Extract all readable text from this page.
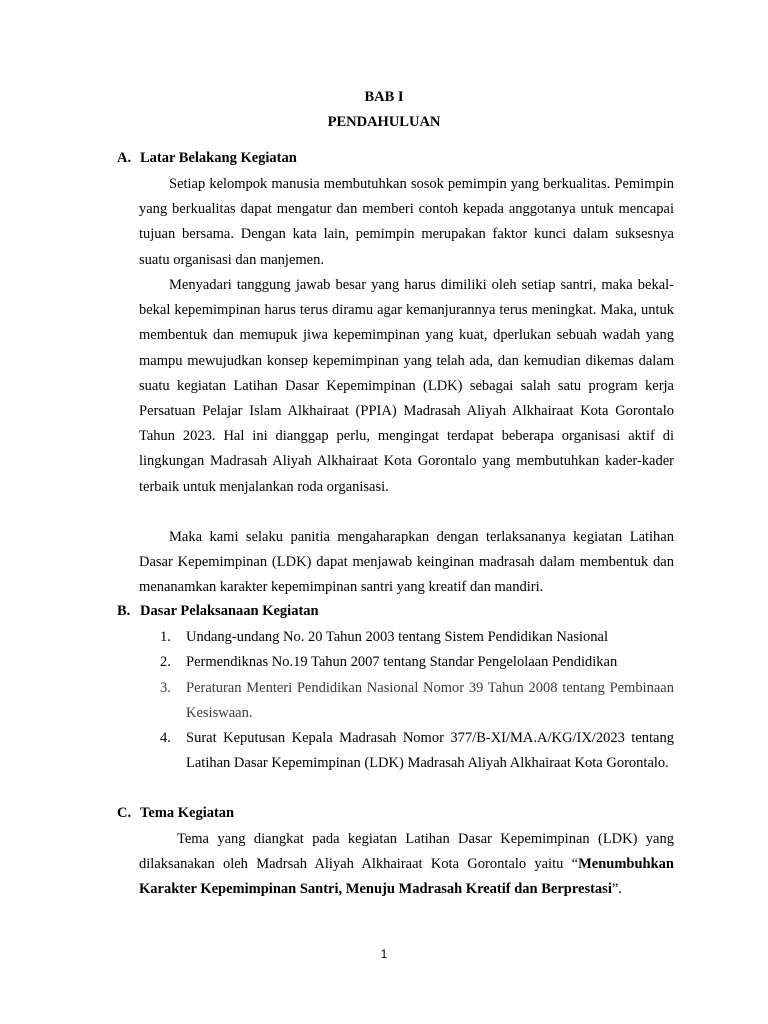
BAB I
PENDAHULUAN
A. Latar Belakang Kegiatan

Setiap kelompok manusia membutuhkan sosok pemimpin yang berkualitas. Pemimpin yang berkualitas dapat mengatur dan memberi contoh kepada anggotanya untuk mencapai tujuan bersama. Dengan kata lain, pemimpin merupakan faktor kunci dalam suksesnya suatu organisasi dan manjemen.

Menyadari tanggung jawab besar yang harus dimiliki oleh setiap santri, maka bekal-bekal kepemimpinan harus terus diramu agar kemanjurannya terus meningkat. Maka, untuk membentuk dan memupuk jiwa kepemimpinan yang kuat, dperlukan sebuah wadah yang mampu mewujudkan konsep kepemimpinan yang telah ada, dan kemudian dikemas dalam suatu kegiatan Latihan Dasar Kepemimpinan (LDK) sebagai salah satu program kerja Persatuan Pelajar Islam Alkhairaat (PPIA) Madrasah Aliyah Alkhairaat Kota Gorontalo Tahun 2023. Hal ini dianggap perlu, mengingat terdapat beberapa organisasi aktif di lingkungan Madrasah Aliyah Alkhairaat Kota Gorontalo yang membutuhkan kader-kader terbaik untuk menjalankan roda organisasi.

Maka kami selaku panitia mengaharapkan dengan terlaksananya kegiatan Latihan Dasar Kepemimpinan (LDK) dapat menjawab keinginan madrasah dalam membentuk dan menanamkan karakter kepemimpinan santri yang kreatif dan mandiri.

B. Dasar Pelaksanaan Kegiatan
1. Undang-undang No. 20 Tahun 2003 tentang Sistem Pendidikan Nasional
2. Permendiknas No.19 Tahun 2007 tentang Standar Pengelolaan Pendidikan
3. Peraturan Menteri Pendidikan Nasional Nomor 39 Tahun 2008 tentang Pembinaan Kesiswaan.
4. Surat Keputusan Kepala Madrasah Nomor 377/B-XI/MA.A/KG/IX/2023 tentang Latihan Dasar Kepemimpinan (LDK) Madrasah Aliyah Alkhairaat Kota Gorontalo.
C. Tema Kegiatan

Tema yang diangkat pada kegiatan Latihan Dasar Kepemimpinan (LDK) yang dilaksanakan oleh Madrsah Aliyah Alkhairaat Kota Gorontalo yaitu “Menumbuhkan Karakter Kepemimpinan Santri, Menuju Madrasah Kreatif dan Berprestasi”.

1
